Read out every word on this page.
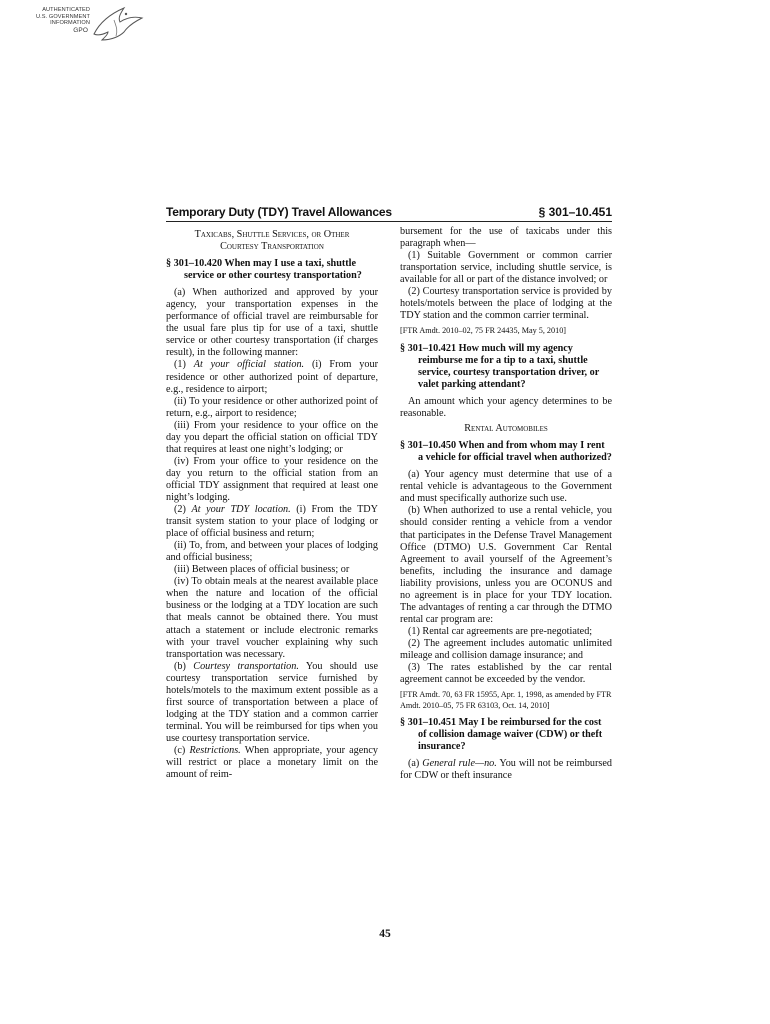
AUTHENTICATED
U.S. GOVERNMENT
INFORMATION
GPO
Temporary Duty (TDY) Travel Allowances	§ 301–10.451

Taxicabs, Shuttle Services, or Other
Courtesy Transportation

§ 301–10.420 When may I use a taxi, shuttle service or other courtesy transportation?

(a) When authorized and approved by your agency, your transportation expenses in the performance of official travel are reimbursable for the usual fare plus tip for use of a taxi, shuttle service or other courtesy transportation (if charges result), in the following manner:

(1) At your official station. (i) From your residence or other authorized point of departure, e.g., residence to airport;

(ii) To your residence or other authorized point of return, e.g., airport to residence;

(iii) From your residence to your office on the day you depart the official station on official TDY that requires at least one night’s lodging; or

(iv) From your office to your residence on the day you return to the official station from an official TDY assignment that required at least one night’s lodging.

(2) At your TDY location. (i) From the TDY transit system station to your place of lodging or place of official business and return;

(ii) To, from, and between your places of lodging and official business;

(iii) Between places of official business; or

(iv) To obtain meals at the nearest available place when the nature and location of the official business or the lodging at a TDY location are such that meals cannot be obtained there. You must attach a statement or include electronic remarks with your travel voucher explaining why such transportation was necessary.

(b) Courtesy transportation. You should use courtesy transportation service furnished by hotels/motels to the maximum extent possible as a first source of transportation between a place of lodging at the TDY station and a common carrier terminal. You will be reimbursed for tips when you use courtesy transportation service.

(c) Restrictions. When appropriate, your agency will restrict or place a monetary limit on the amount of reim-

bursement for the use of taxicabs under this paragraph when—

(1) Suitable Government or common carrier transportation service, including shuttle service, is available for all or part of the distance involved; or

(2) Courtesy transportation service is provided by hotels/motels between the place of lodging at the TDY station and the common carrier terminal.

[FTR Amdt. 2010–02, 75 FR 24435, May 5, 2010]

§ 301–10.421 How much will my agency reimburse me for a tip to a taxi, shuttle service, courtesy transportation driver, or valet parking attendant?

An amount which your agency determines to be reasonable.

Rental Automobiles

§ 301–10.450 When and from whom may I rent a vehicle for official travel when authorized?

(a) Your agency must determine that use of a rental vehicle is advantageous to the Government and must specifically authorize such use.

(b) When authorized to use a rental vehicle, you should consider renting a vehicle from a vendor that participates in the Defense Travel Management Office (DTMO) U.S. Government Car Rental Agreement to avail yourself of the Agreement’s benefits, including the insurance and damage liability provisions, unless you are OCONUS and no agreement is in place for your TDY location. The advantages of renting a car through the DTMO rental car program are:

(1) Rental car agreements are pre-negotiated;

(2) The agreement includes automatic unlimited mileage and collision damage insurance; and

(3) The rates established by the car rental agreement cannot be exceeded by the vendor.

[FTR Amdt. 70, 63 FR 15955, Apr. 1, 1998, as amended by FTR Amdt. 2010–05, 75 FR 63103, Oct. 14, 2010]

§ 301–10.451 May I be reimbursed for the cost of collision damage waiver (CDW) or theft insurance?

(a) General rule—no. You will not be reimbursed for CDW or theft insurance

45
